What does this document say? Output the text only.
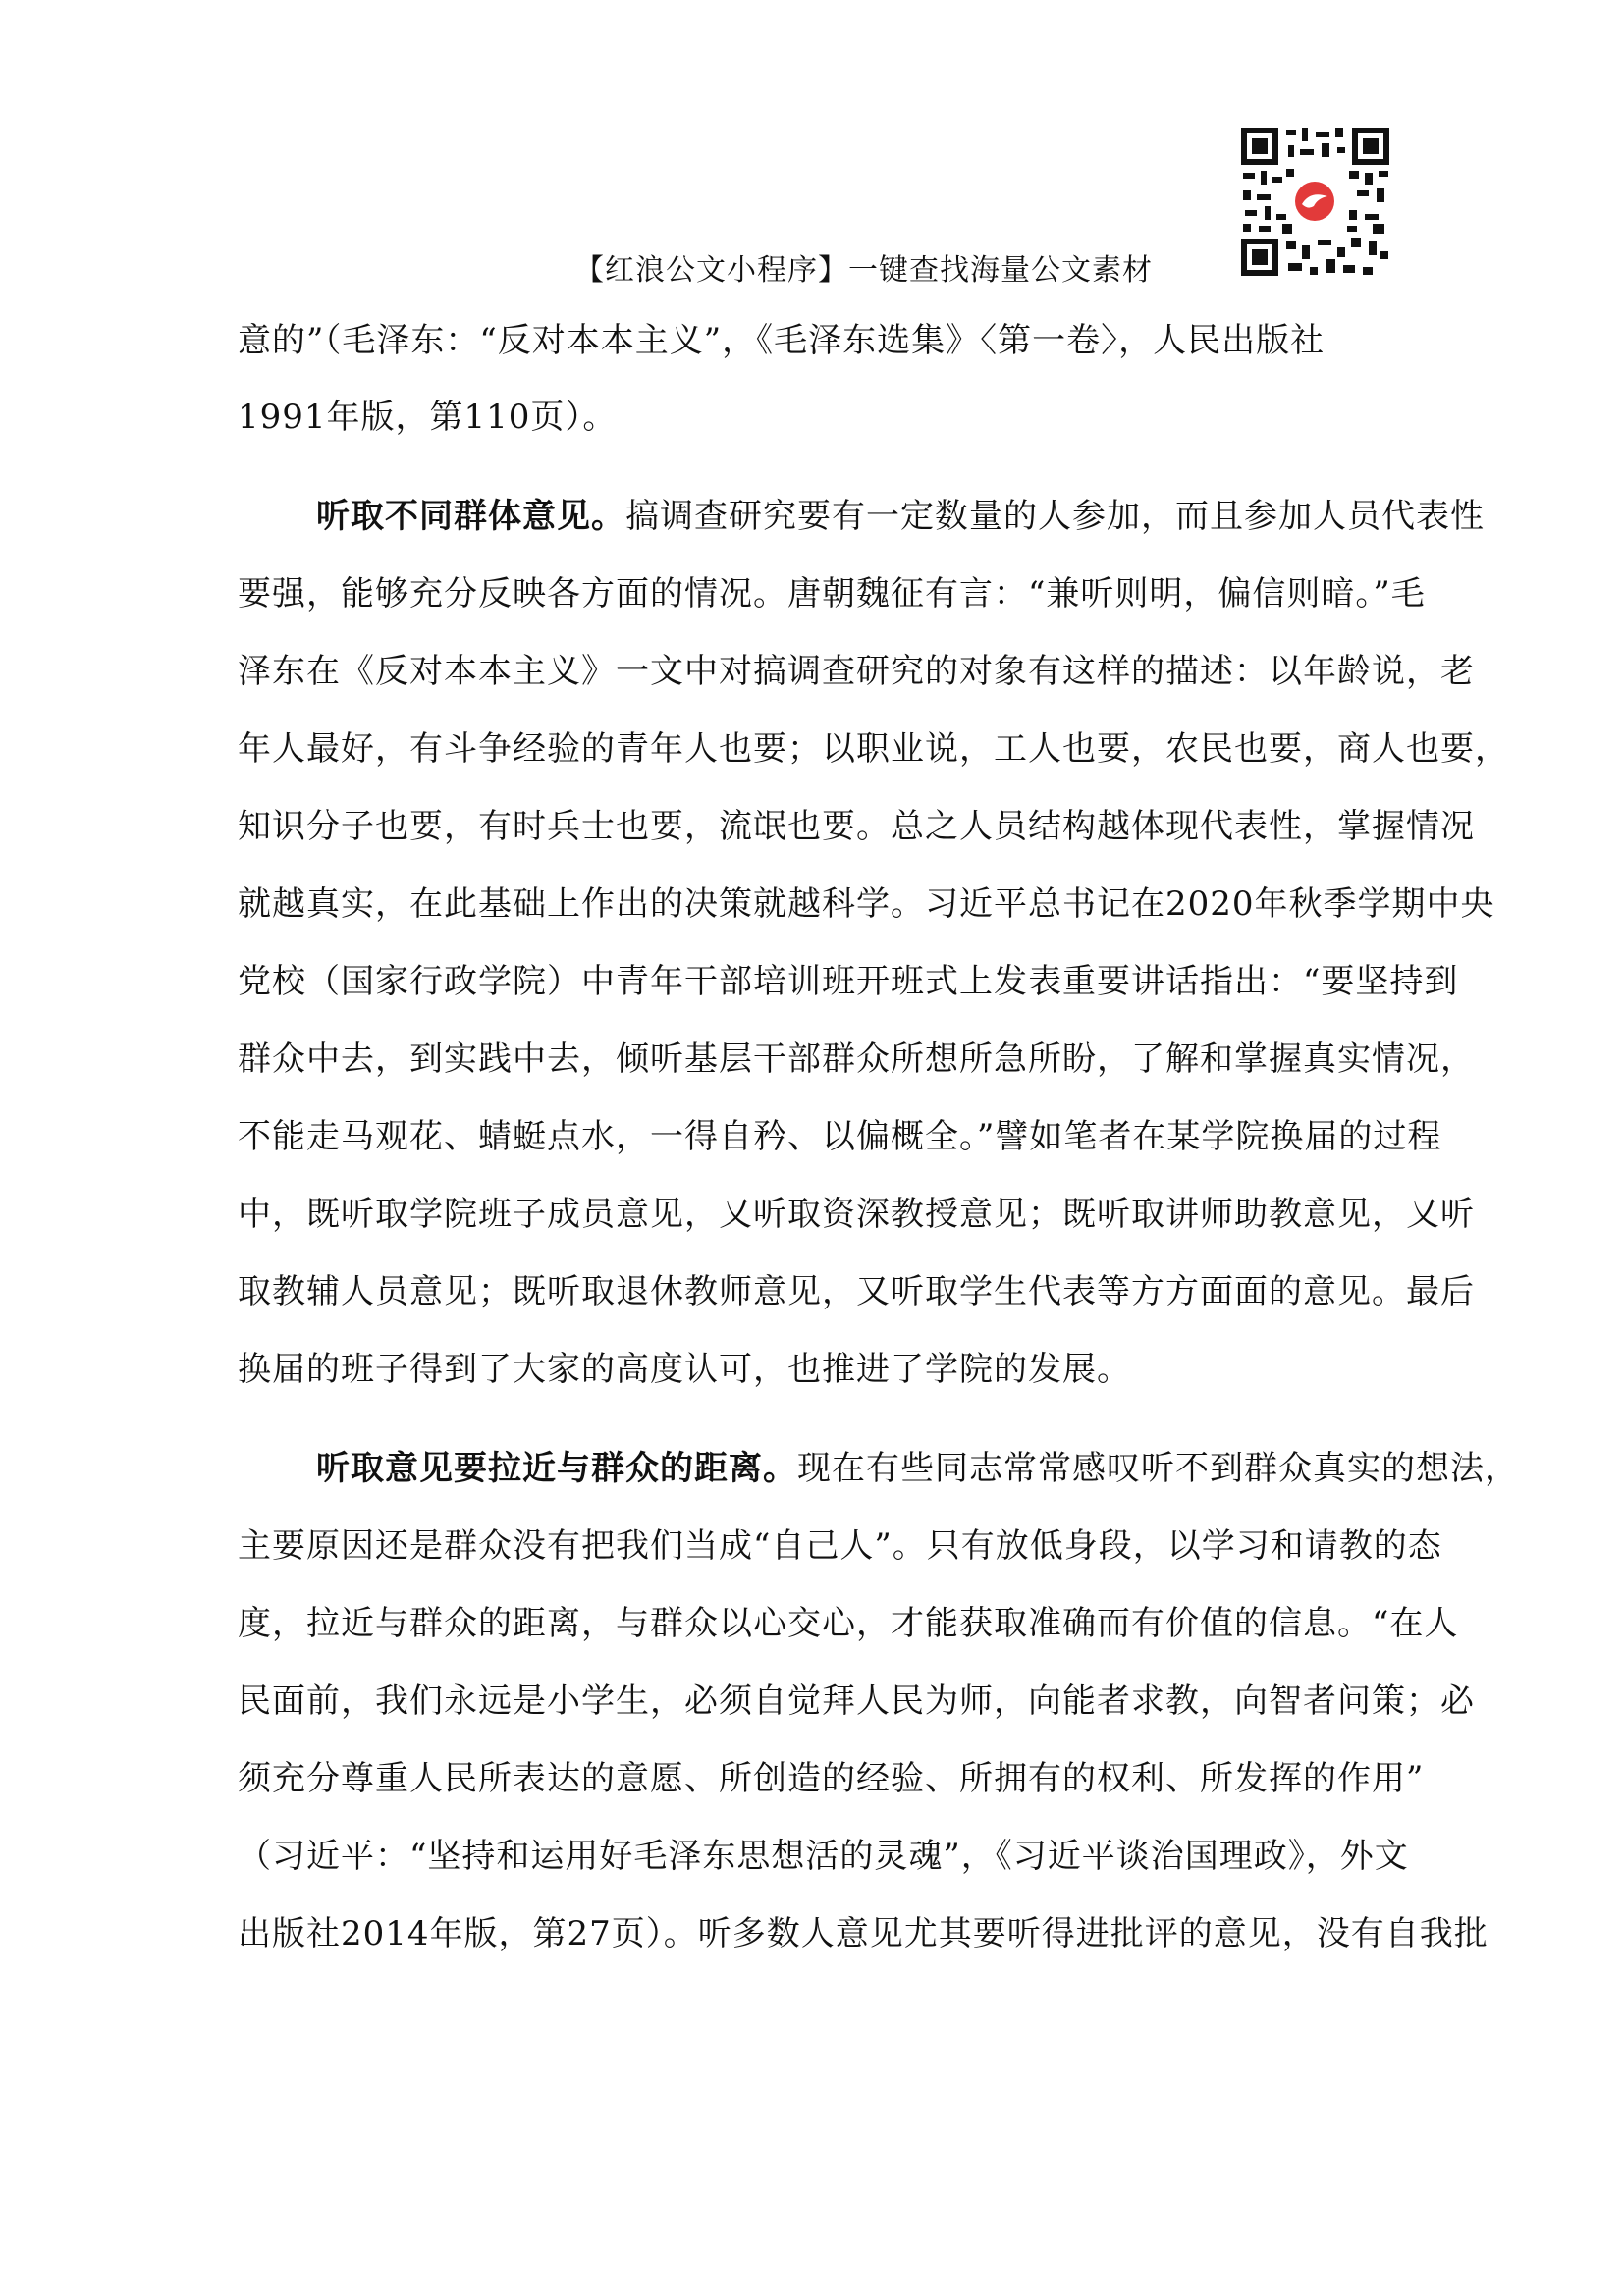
【红浪公文小程序】一键查找海量公文素材
意的”（毛泽东：“反对本本主义”，《毛泽东选集》〈第一卷〉，人民出版社
1991年版，第110页）。
听取不同群体意见。搞调查研究要有一定数量的人参加，而且参加人员代表性
要强，能够充分反映各方面的情况。唐朝魏征有言：“兼听则明，偏信则暗。”毛
泽东在《反对本本主义》一文中对搞调查研究的对象有这样的描述：以年龄说，老
年人最好，有斗争经验的青年人也要；以职业说，工人也要，农民也要，商人也要，
知识分子也要，有时兵士也要，流氓也要。总之人员结构越体现代表性，掌握情况
就越真实，在此基础上作出的决策就越科学。习近平总书记在2020年秋季学期中央
党校（国家行政学院）中青年干部培训班开班式上发表重要讲话指出：“要坚持到
群众中去，到实践中去，倾听基层干部群众所想所急所盼，了解和掌握真实情况，
不能走马观花、蜻蜓点水，一得自矜、以偏概全。”譬如笔者在某学院换届的过程
中，既听取学院班子成员意见，又听取资深教授意见；既听取讲师助教意见，又听
取教辅人员意见；既听取退休教师意见，又听取学生代表等方方面面的意见。最后
换届的班子得到了大家的高度认可，也推进了学院的发展。
听取意见要拉近与群众的距离。现在有些同志常常感叹听不到群众真实的想法，
主要原因还是群众没有把我们当成“自己人”。只有放低身段，以学习和请教的态
度，拉近与群众的距离，与群众以心交心，才能获取准确而有价值的信息。“在人
民面前，我们永远是小学生，必须自觉拜人民为师，向能者求教，向智者问策；必
须充分尊重人民所表达的意愿、所创造的经验、所拥有的权利、所发挥的作用”
（习近平：“坚持和运用好毛泽东思想活的灵魂”，《习近平谈治国理政》，外文
出版社2014年版，第27页）。听多数人意见尤其要听得进批评的意见，没有自我批
